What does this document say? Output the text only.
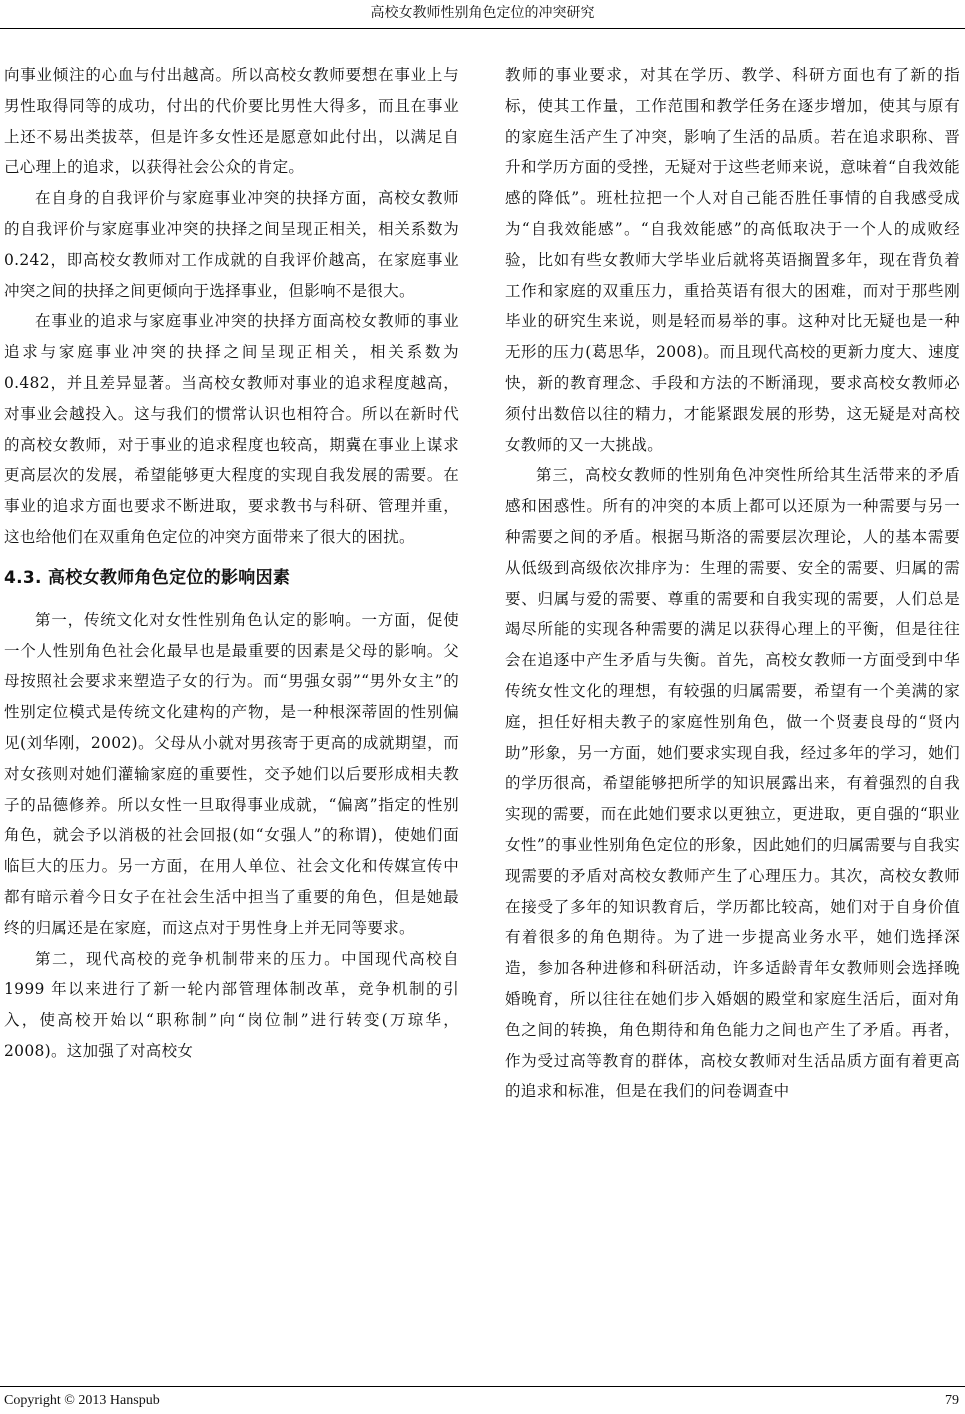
高校女教师性别角色定位的冲突研究

向事业倾注的心血与付出越高。所以高校女教师要想在事业上与男性取得同等的成功，付出的代价要比男性大得多，而且在事业上还不易出类拔萃，但是许多女性还是愿意如此付出，以满足自己心理上的追求，以获得社会公众的肯定。

在自身的自我评价与家庭事业冲突的抉择方面，高校女教师的自我评价与家庭事业冲突的抉择之间呈现正相关，相关系数为 0.242，即高校女教师对工作成就的自我评价越高，在家庭事业冲突之间的抉择之间更倾向于选择事业，但影响不是很大。

在事业的追求与家庭事业冲突的抉择方面高校女教师的事业追求与家庭事业冲突的抉择之间呈现正相关，相关系数为 0.482，并且差异显著。当高校女教师对事业的追求程度越高，对事业会越投入。这与我们的惯常认识也相符合。所以在新时代的高校女教师，对于事业的追求程度也较高，期冀在事业上谋求更高层次的发展，希望能够更大程度的实现自我发展的需要。在事业的追求方面也要求不断进取，要求教书与科研、管理并重，这也给他们在双重角色定位的冲突方面带来了很大的困扰。

4.3. 高校女教师角色定位的影响因素

第一，传统文化对女性性别角色认定的影响。一方面，促使一个人性别角色社会化最早也是最重要的因素是父母的影响。父母按照社会要求来塑造子女的行为。而“男强女弱”“男外女主”的性别定位模式是传统文化建构的产物，是一种根深蒂固的性别偏见(刘华刚，2002)。父母从小就对男孩寄于更高的成就期望，而对女孩则对她们灌输家庭的重要性，交予她们以后要形成相夫教子的品德修养。所以女性一旦取得事业成就，“偏离”指定的性别角色，就会予以消极的社会回报(如“女强人”的称谓)，使她们面临巨大的压力。另一方面，在用人单位、社会文化和传媒宣传中都有暗示着今日女子在社会生活中担当了重要的角色，但是她最终的归属还是在家庭，而这点对于男性身上并无同等要求。

第二，现代高校的竞争机制带来的压力。中国现代高校自 1999 年以来进行了新一轮内部管理体制改革，竞争机制的引入，使高校开始以“职称制”向“岗位制”进行转变(万琼华，2008)。这加强了对高校女

教师的事业要求，对其在学历、教学、科研方面也有了新的指标，使其工作量，工作范围和教学任务在逐步增加，使其与原有的家庭生活产生了冲突，影响了生活的品质。若在追求职称、晋升和学历方面的受挫，无疑对于这些老师来说，意味着“自我效能感的降低”。班杜拉把一个人对自己能否胜任事情的自我感受成为“自我效能感”。“自我效能感”的高低取决于一个人的成败经验，比如有些女教师大学毕业后就将英语搁置多年，现在背负着工作和家庭的双重压力，重拾英语有很大的困难，而对于那些刚毕业的研究生来说，则是轻而易举的事。这种对比无疑也是一种无形的压力(葛思华，2008)。而且现代高校的更新力度大、速度快，新的教育理念、手段和方法的不断涌现，要求高校女教师必须付出数倍以往的精力，才能紧跟发展的形势，这无疑是对高校女教师的又一大挑战。

第三，高校女教师的性别角色冲突性所给其生活带来的矛盾感和困惑性。所有的冲突的本质上都可以还原为一种需要与另一种需要之间的矛盾。根据马斯洛的需要层次理论，人的基本需要从低级到高级依次排序为：生理的需要、安全的需要、归属的需要、归属与爱的需要、尊重的需要和自我实现的需要，人们总是竭尽所能的实现各种需要的满足以获得心理上的平衡，但是往往会在追逐中产生矛盾与失衡。首先，高校女教师一方面受到中华传统女性文化的理想，有较强的归属需要，希望有一个美满的家庭，担任好相夫教子的家庭性别角色，做一个贤妻良母的“贤内助”形象，另一方面，她们要求实现自我，经过多年的学习，她们的学历很高，希望能够把所学的知识展露出来，有着强烈的自我实现的需要，而在此她们要求以更独立，更进取，更自强的“职业女性”的事业性别角色定位的形象，因此她们的归属需要与自我实现需要的矛盾对高校女教师产生了心理压力。其次，高校女教师在接受了多年的知识教育后，学历都比较高，她们对于自身价值有着很多的角色期待。为了进一步提高业务水平，她们选择深造，参加各种进修和科研活动，许多适龄青年女教师则会选择晚婚晚育，所以往往在她们步入婚姻的殿堂和家庭生活后，面对角色之间的转换，角色期待和角色能力之间也产生了矛盾。再者，作为受过高等教育的群体，高校女教师对生活品质方面有着更高的追求和标准，但是在我们的问卷调查中

Copyright © 2013 Hanspub	79
